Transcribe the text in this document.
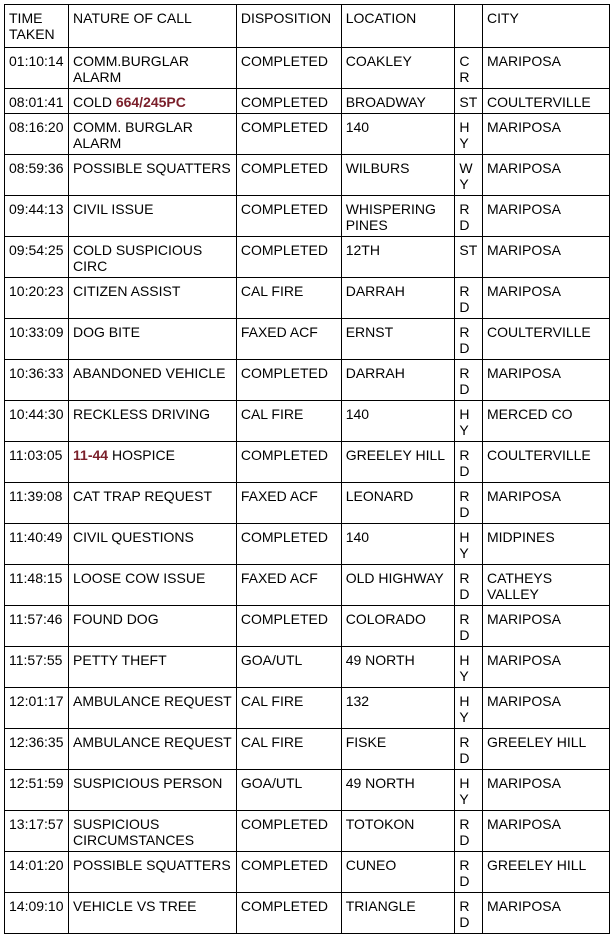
TIME TAKEN	NATURE OF CALL	DISPOSITION	LOCATION		CITY
01:10:14	COMM.BURGLAR ALARM	COMPLETED	COAKLEY	CR	MARIPOSA
08:01:41	COLD 664/245PC	COMPLETED	BROADWAY	ST	COULTERVILLE
08:16:20	COMM. BURGLAR ALARM	COMPLETED	140	HY	MARIPOSA
08:59:36	POSSIBLE SQUATTERS	COMPLETED	WILBURS	WY	MARIPOSA
09:44:13	CIVIL ISSUE	COMPLETED	WHISPERING PINES	RD	MARIPOSA
09:54:25	COLD SUSPICIOUS CIRC	COMPLETED	12TH	ST	MARIPOSA
10:20:23	CITIZEN ASSIST	CAL FIRE	DARRAH	RD	MARIPOSA
10:33:09	DOG BITE	FAXED ACF	ERNST	RD	COULTERVILLE
10:36:33	ABANDONED VEHICLE	COMPLETED	DARRAH	RD	MARIPOSA
10:44:30	RECKLESS DRIVING	CAL FIRE	140	HY	MERCED CO
11:03:05	11-44 HOSPICE	COMPLETED	GREELEY HILL	RD	COULTERVILLE
11:39:08	CAT TRAP REQUEST	FAXED ACF	LEONARD	RD	MARIPOSA
11:40:49	CIVIL QUESTIONS	COMPLETED	140	HY	MIDPINES
11:48:15	LOOSE COW ISSUE	FAXED ACF	OLD HIGHWAY	RD	CATHEYS VALLEY
11:57:46	FOUND DOG	COMPLETED	COLORADO	RD	MARIPOSA
11:57:55	PETTY THEFT	GOA/UTL	49 NORTH	HY	MARIPOSA
12:01:17	AMBULANCE REQUEST	CAL FIRE	132	HY	MARIPOSA
12:36:35	AMBULANCE REQUEST	CAL FIRE	FISKE	RD	GREELEY HILL
12:51:59	SUSPICIOUS PERSON	GOA/UTL	49 NORTH	HY	MARIPOSA
13:17:57	SUSPICIOUS CIRCUMSTANCES	COMPLETED	TOTOKON	RD	MARIPOSA
14:01:20	POSSIBLE SQUATTERS	COMPLETED	CUNEO	RD	GREELEY HILL
14:09:10	VEHICLE VS TREE	COMPLETED	TRIANGLE	RD	MARIPOSA
